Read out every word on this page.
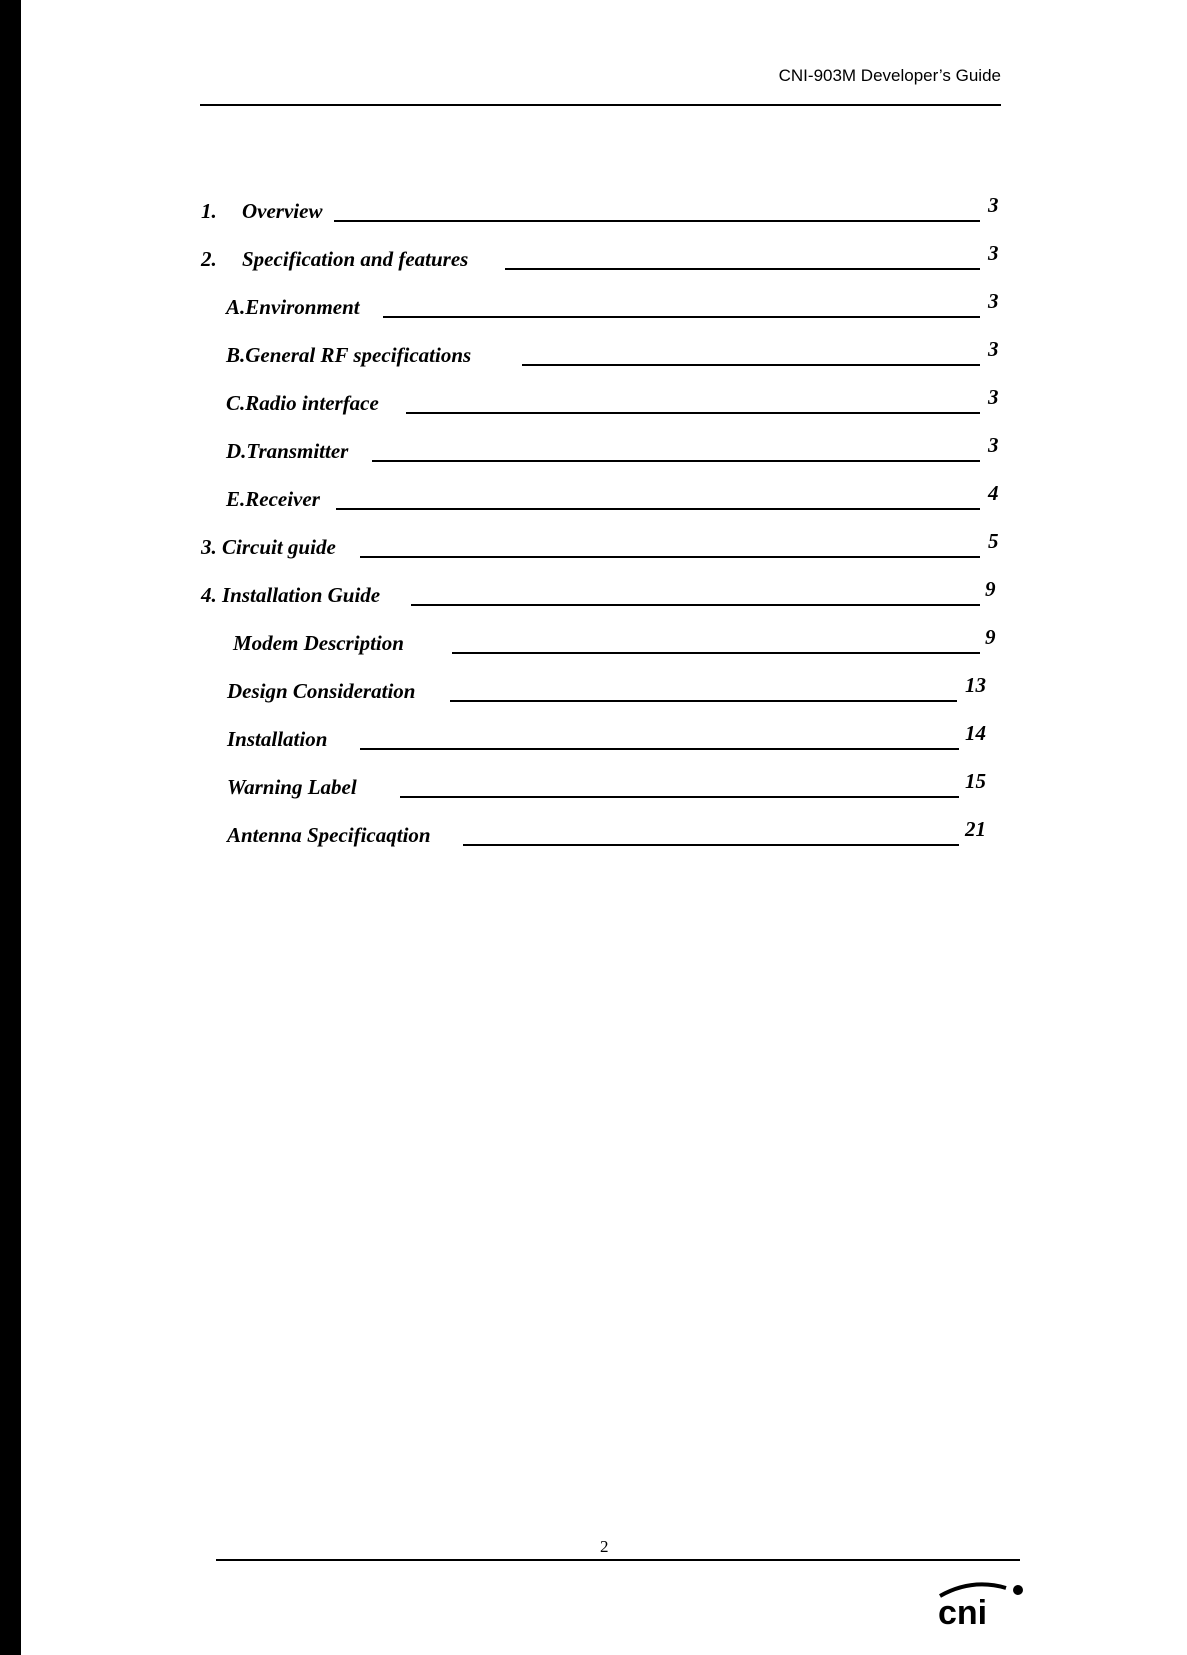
CNI-903M Developer’s Guide
1. Overview	3
2. Specification and features	3
A.Environment	3
B.General RF specifications	3
C.Radio interface	3
D.Transmitter	3
E.Receiver	4
3. Circuit guide	5
4. Installation Guide	9
Modem Description	9
Design Consideration	13
Installation	14
Warning Label	15
Antenna Specificaqtion	21
2
cni
